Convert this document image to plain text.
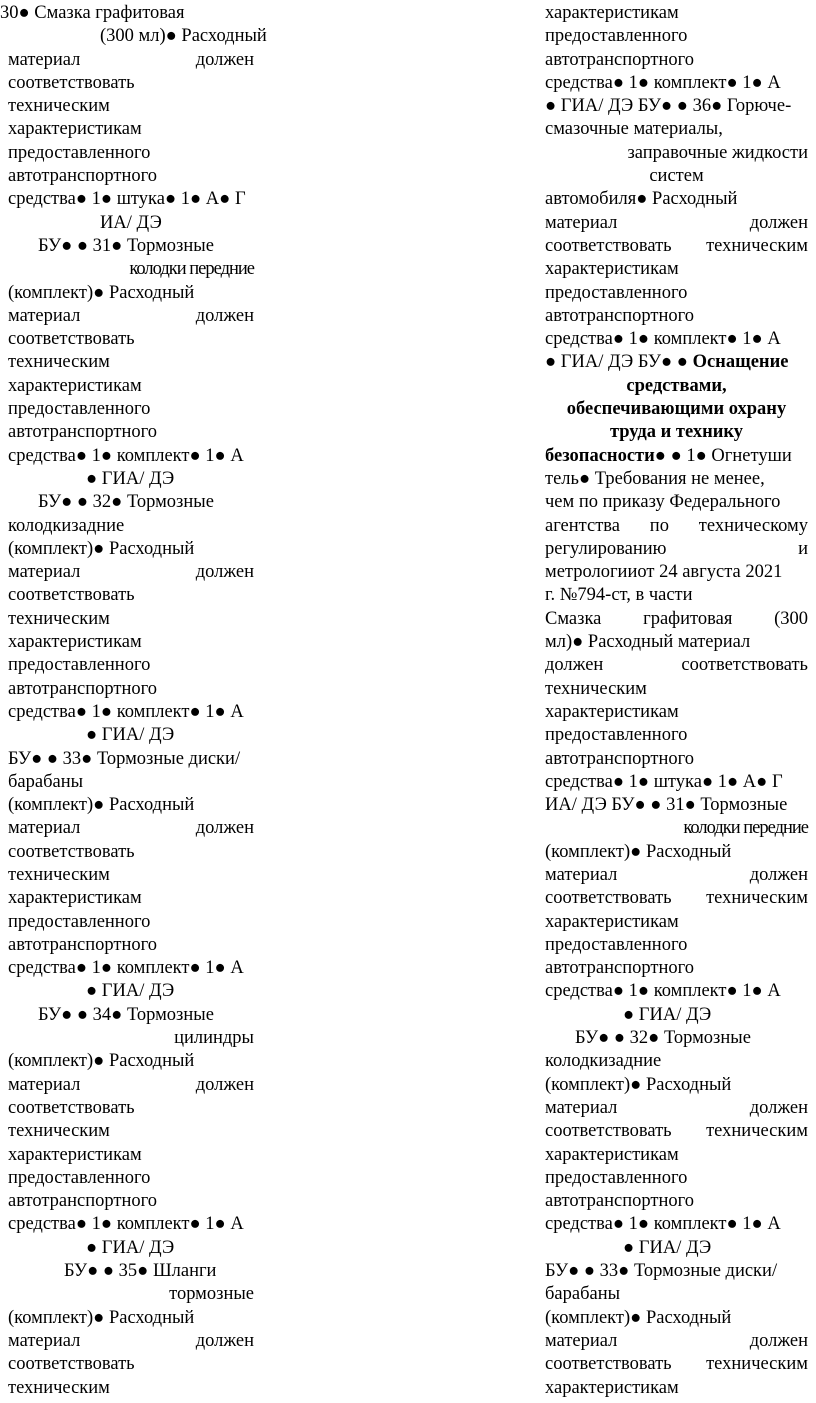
30● Смазка графитовая
(300 мл)● Расходный
материал должен
соответствовать
техническим
характеристикам
предоставленного
автотранспортного
средства● 1● штука● 1● А● Г
ИА/ ДЭ
БУ● ● 31● Тормозные
колодки передние
(комплект)● Расходный
материал должен
соответствовать
техническим
характеристикам
предоставленного
автотранспортного
средства● 1● комплект● 1● А
● ГИА/ ДЭ
БУ● ● 32● Тормозные
колодкизадние
(комплект)● Расходный
материал должен
соответствовать
техническим
характеристикам
предоставленного
автотранспортного
средства● 1● комплект● 1● А
● ГИА/ ДЭ
БУ● ● 33● Тормозные диски/
барабаны
(комплект)● Расходный
материал должен
соответствовать
техническим
характеристикам
предоставленного
автотранспортного
средства● 1● комплект● 1● А
● ГИА/ ДЭ
БУ● ● 34● Тормозные
цилиндры
(комплект)● Расходный
материал должен
соответствовать
техническим
характеристикам
предоставленного
автотранспортного
средства● 1● комплект● 1● А
● ГИА/ ДЭ
БУ● ● 35● Шланги
тормозные
(комплект)● Расходный
материал должен
соответствовать
техническим
характеристикам
предоставленного
автотранспортного
средства● 1● комплект● 1● А
● ГИА/ ДЭ БУ● ● 36● Горюче-
смазочные материалы,
заправочные жидкости
систем
автомобиля● Расходный
материал должен
соответствовать техническим
характеристикам
предоставленного
автотранспортного
средства● 1● комплект● 1● А
● ГИА/ ДЭ БУ● ● Оснащение
средствами,
обеспечивающими охрану
труда и технику
безопасности● ● 1● Огнетуши
тель● Требования не менее,
чем по приказу Федерального
агентства по техническому
регулированию и
метрологииот 24 августа 2021
г. №794-ст, в части
Смазка графитовая (300
мл)● Расходный материал
должен соответствовать
техническим
характеристикам
предоставленного
автотранспортного
средства● 1● штука● 1● А● Г
ИА/ ДЭ БУ● ● 31● Тормозные
колодки передние
(комплект)● Расходный
материал должен
соответствовать техническим
характеристикам
предоставленного
автотранспортного
средства● 1● комплект● 1● А
● ГИА/ ДЭ
БУ● ● 32● Тормозные
колодкизадние
(комплект)● Расходный
материал должен
соответствовать техническим
характеристикам
предоставленного
автотранспортного
средства● 1● комплект● 1● А
● ГИА/ ДЭ
БУ● ● 33● Тормозные диски/
барабаны
(комплект)● Расходный
материал должен
соответствовать техническим
характеристикам
